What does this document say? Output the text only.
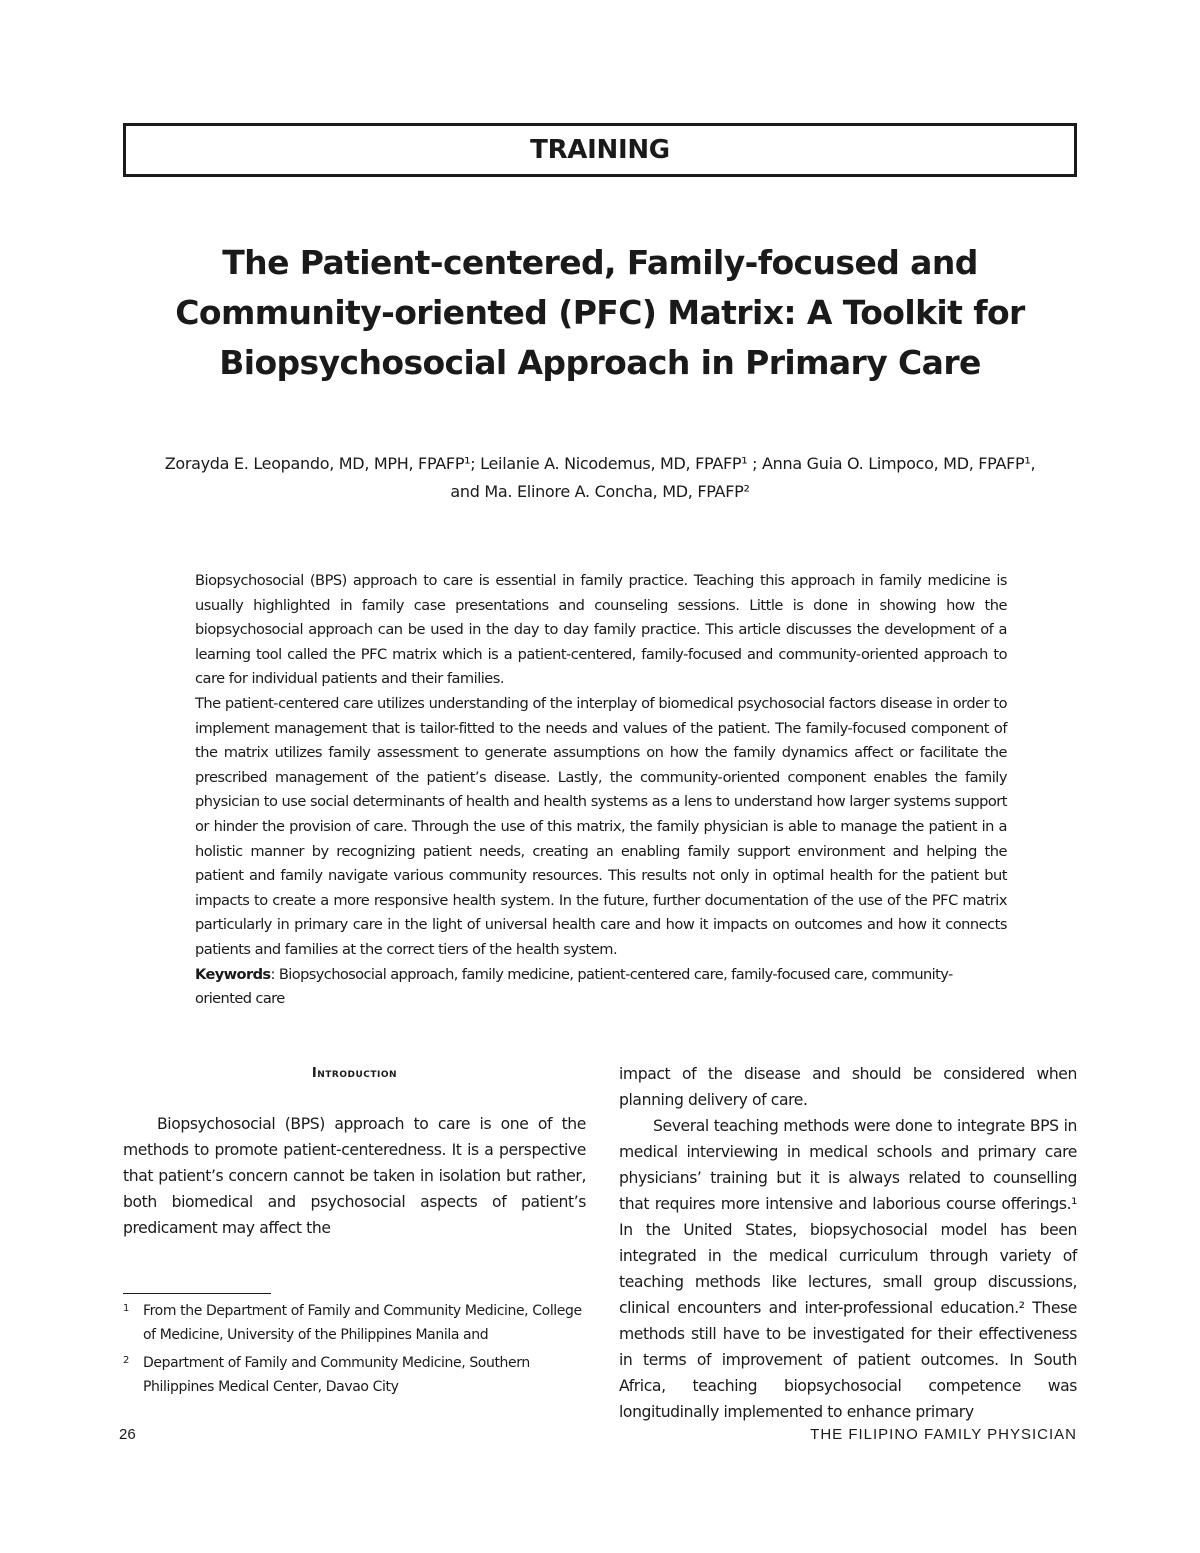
TRAINING
The Patient-centered, Family-focused and Community-oriented (PFC) Matrix: A Toolkit for Biopsychosocial Approach in Primary Care
Zorayda E. Leopando, MD, MPH, FPAFP¹; Leilanie A. Nicodemus, MD, FPAFP¹ ; Anna Guia O. Limpoco, MD, FPAFP¹,
and Ma. Elinore A. Concha, MD, FPAFP²

Biopsychosocial (BPS) approach to care is essential in family practice. Teaching this approach in family medicine is usually highlighted in family case presentations and counseling sessions. Little is done in showing how the biopsychosocial approach can be used in the day to day family practice. This article discusses the development of a learning tool called the PFC matrix which is a patient-centered, family-focused and community-oriented approach to care for individual patients and their families.

The patient-centered care utilizes understanding of the interplay of biomedical psychosocial factors disease in order to implement management that is tailor-fitted to the needs and values of the patient. The family-focused component of the matrix utilizes family assessment to generate assumptions on how the family dynamics affect or facilitate the prescribed management of the patient’s disease. Lastly, the community-oriented component enables the family physician to use social determinants of health and health systems as a lens to understand how larger systems support or hinder the provision of care. Through the use of this matrix, the family physician is able to manage the patient in a holistic manner by recognizing patient needs, creating an enabling family support environment and helping the patient and family navigate various community resources. This results not only in optimal health for the patient but impacts to create a more responsive health system. In the future, further documentation of the use of the PFC matrix particularly in primary care in the light of universal health care and how it impacts on outcomes and how it connects patients and families at the correct tiers of the health system.

Keywords: Biopsychosocial approach, family medicine, patient-centered care, family-focused care, community-oriented care
Introduction

Biopsychosocial (BPS) approach to care is one of the methods to promote patient-centeredness. It is a perspective that patient’s concern cannot be taken in isolation but rather, both biomedical and psychosocial aspects of patient’s predicament may affect the

impact of the disease and should be considered when planning delivery of care.

Several teaching methods were done to integrate BPS in medical interviewing in medical schools and primary care physicians’ training but it is always related to counselling that requires more intensive and laborious course offerings.¹ In the United States, biopsychosocial model has been integrated in the medical curriculum through variety of teaching methods like lectures, small group discussions, clinical encounters and inter-professional education.² These methods still have to be investigated for their effectiveness in terms of improvement of patient outcomes. In South Africa, teaching biopsychosocial competence was longitudinally implemented to enhance primary

1	From the Department of Family and Community Medicine, College of Medicine, University of the Philippines Manila and
2	Department of Family and Community Medicine, Southern Philippines Medical Center, Davao City
26	THE FILIPINO FAMILY PHYSICIAN
